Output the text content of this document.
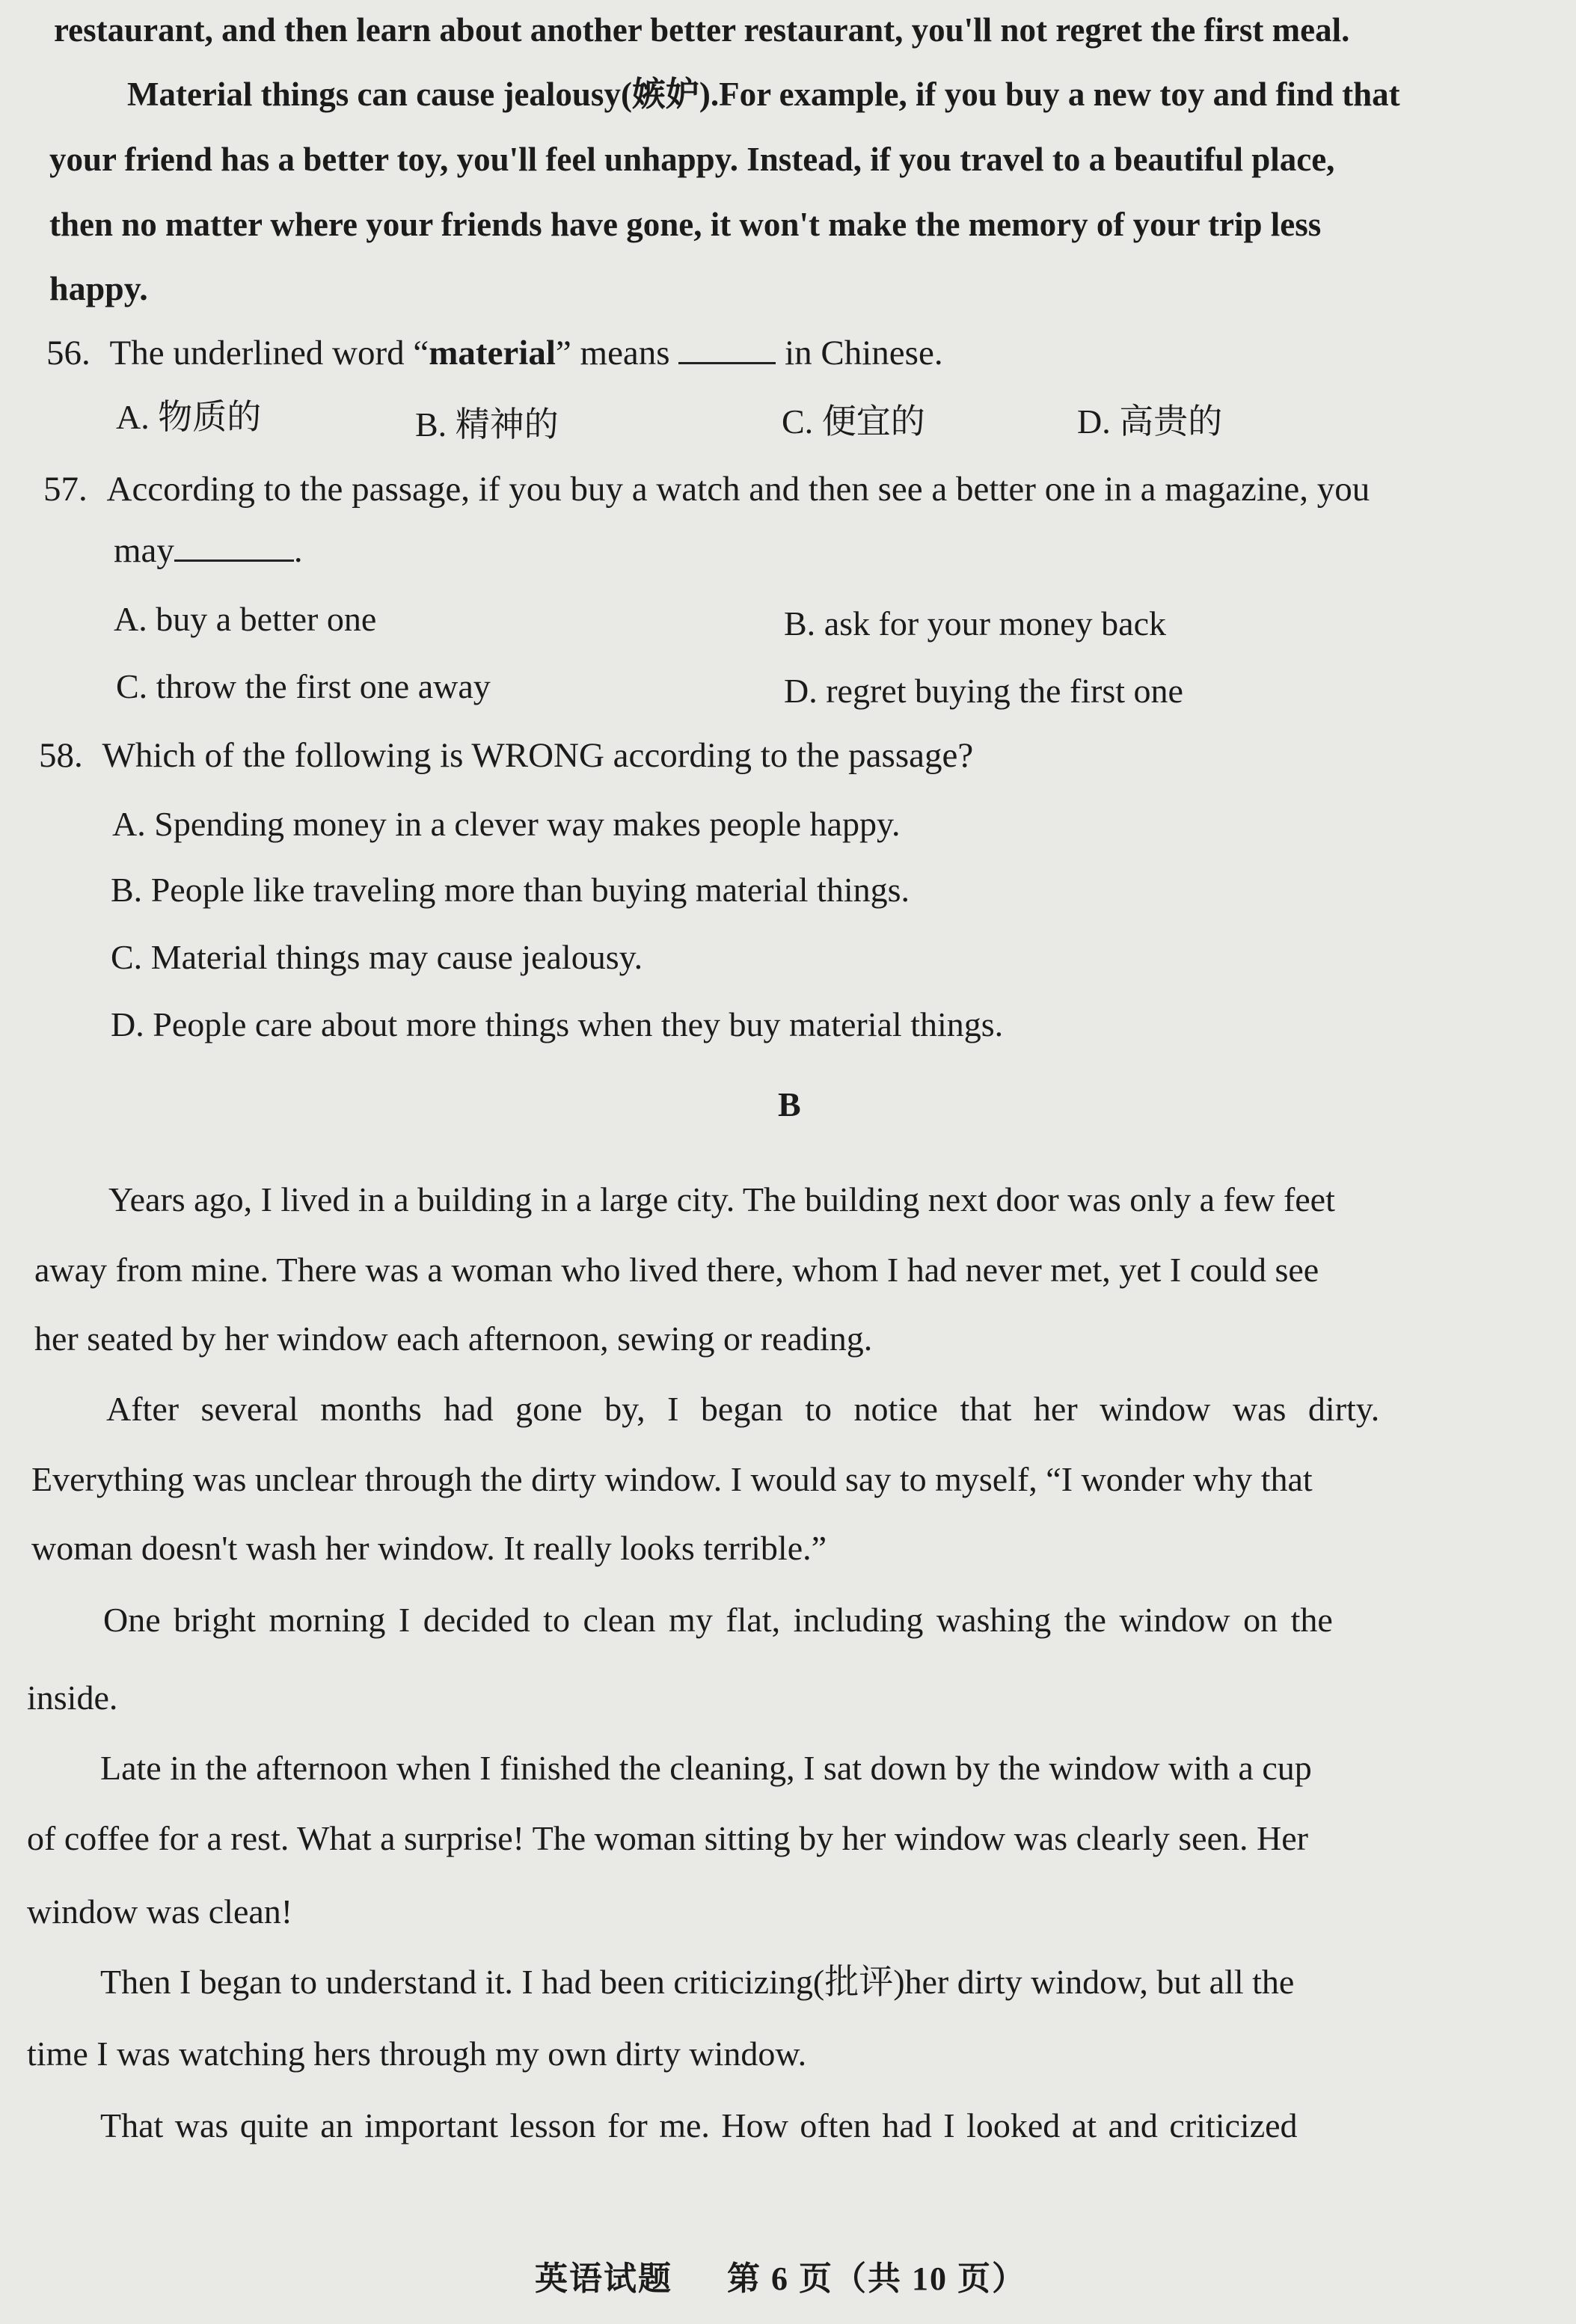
restaurant, and then learn about another better restaurant, you'll not regret the first meal.
Material things can cause jealousy(嫉妒).For example, if you buy a new toy and find that
your friend has a better toy, you'll feel unhappy. Instead, if you travel to a beautiful place,
then no matter where your friends have gone, it won't make the memory of your trip less
happy.
56. The underlined word “material” means	in Chinese.
A. 物质的	B. 精神的	C. 便宜的	D. 高贵的
57. According to the passage, if you buy a watch and then see a better one in a magazine, you
may	.
A. buy a better one	B. ask for your money back
C. throw the first one away	D. regret buying the first one
58. Which of the following is WRONG according to the passage?
A. Spending money in a clever way makes people happy.
B. People like traveling more than buying material things.
C. Material things may cause jealousy.
D. People care about more things when they buy material things.
B
Years ago, I lived in a building in a large city. The building next door was only a few feet
away from mine. There was a woman who lived there, whom I had never met, yet I could see
her seated by her window each afternoon, sewing or reading.
After several months had gone by, I began to notice that her window was dirty.
Everything was unclear through the dirty window. I would say to myself, “I wonder why that
woman doesn't wash her window. It really looks terrible.”
One bright morning I decided to clean my flat, including washing the window on the
inside.
Late in the afternoon when I finished the cleaning, I sat down by the window with a cup
of coffee for a rest. What a surprise! The woman sitting by her window was clearly seen. Her
window was clean!
Then I began to understand it. I had been criticizing(批评)her dirty window, but all the
time I was watching hers through my own dirty window.
That was quite an important lesson for me. How often had I looked at and criticized
英语试题 第 6 页（共 10 页）
